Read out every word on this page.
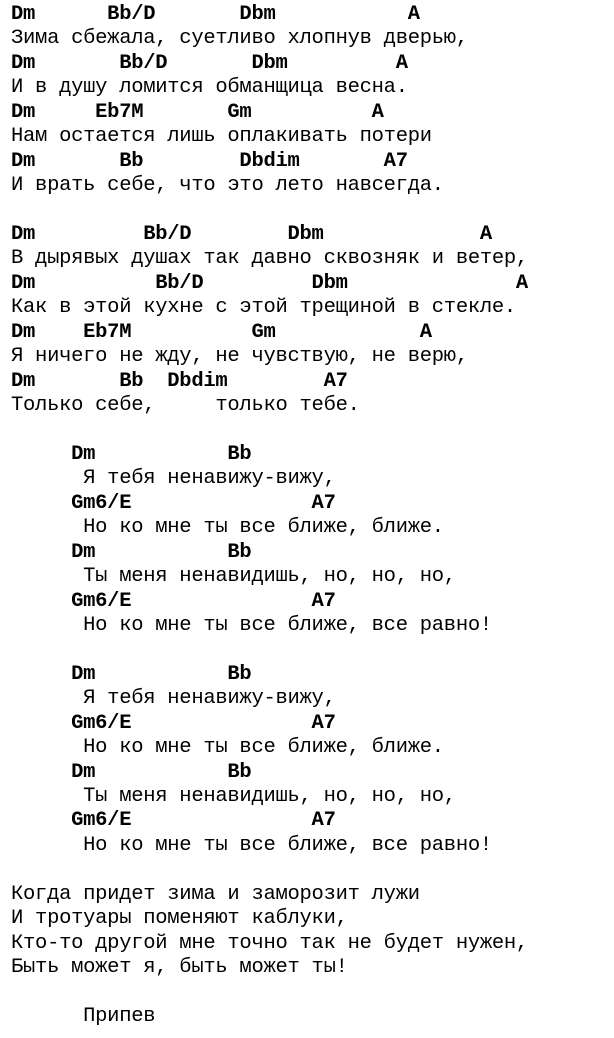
Dm      Bb/D       Dbm           A
Зима сбежала, суетливо хлопнув дверью,
Dm       Bb/D       Dbm         A
И в душу ломится обманщица весна.
Dm     Eb7M       Gm          A
Нам остается лишь оплакивать потери
Dm       Bb        Dbdim       A7
И врать себе, что это лето навсегда.
Dm         Bb/D        Dbm             A
В дырявых душах так давно сквозняк и ветер,
Dm          Bb/D         Dbm              A
Как в этой кухне с этой трещиной в стекле.
Dm    Eb7M          Gm            A
Я ничего не жду, не чувствую, не верю,
Dm       Bb  Dbdim        A7
Только себе,     только тебе.
Dm           Bb
Я тебя ненавижу-вижу,
Gm6/E               A7
Но ко мне ты все ближе, ближе.
Dm           Bb
Ты меня ненавидишь, но, но, но,
Gm6/E               A7
Но ко мне ты все ближе, все равно!
Dm           Bb
Я тебя ненавижу-вижу,
Gm6/E               A7
Но ко мне ты все ближе, ближе.
Dm           Bb
Ты меня ненавидишь, но, но, но,
Gm6/E               A7
Но ко мне ты все ближе, все равно!
Когда придет зима и заморозит лужи
И тротуары поменяют каблуки,
Кто-то другой мне точно так не будет нужен,
Быть может я, быть может ты!
Припев
